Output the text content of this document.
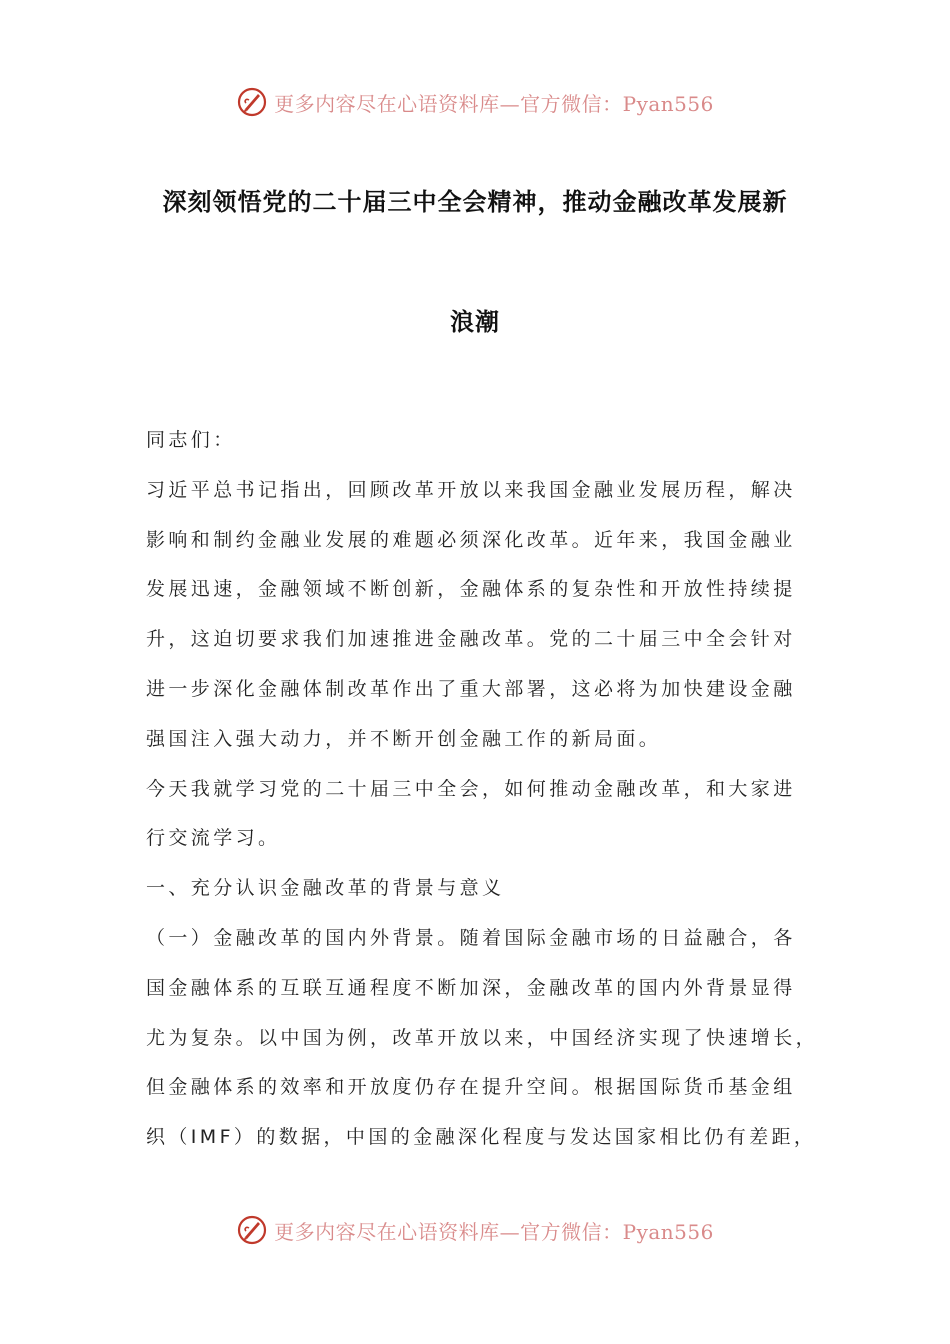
更多内容尽在心语资料库—官方微信：Pyan556
深刻领悟党的二十届三中全会精神，推动金融改革发展新
浪潮

同志们：

习近平总书记指出，回顾改革开放以来我国金融业发展历程，解决

影响和制约金融业发展的难题必须深化改革。近年来，我国金融业

发展迅速，金融领域不断创新，金融体系的复杂性和开放性持续提

升，这迫切要求我们加速推进金融改革。党的二十届三中全会针对

进一步深化金融体制改革作出了重大部署，这必将为加快建设金融

强国注入强大动力，并不断开创金融工作的新局面。

今天我就学习党的二十届三中全会，如何推动金融改革，和大家进

行交流学习。

一、充分认识金融改革的背景与意义

（一）金融改革的国内外背景。随着国际金融市场的日益融合，各

国金融体系的互联互通程度不断加深，金融改革的国内外背景显得

尤为复杂。以中国为例，改革开放以来，中国经济实现了快速增长，

但金融体系的效率和开放度仍存在提升空间。根据国际货币基金组

织（IMF）的数据，中国的金融深化程度与发达国家相比仍有差距，

更多内容尽在心语资料库—官方微信：Pyan556
